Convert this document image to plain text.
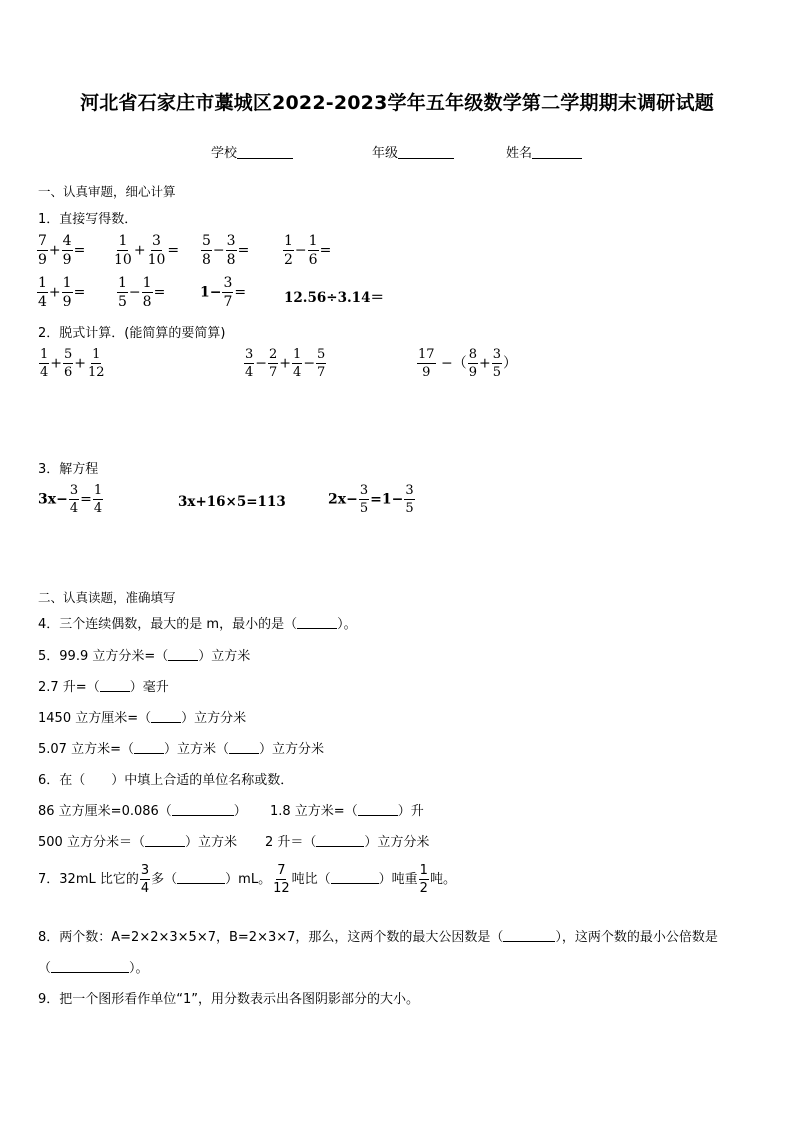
河北省石家庄市藁城区2022-2023学年五年级数学第二学期期末调研试题
学校	年级	姓名
一、认真审题，细心计算
1．直接写得数．
$\frac{7}{9} + \frac{4}{9} = \frac{1}{10} + \frac{3}{10} = \frac{5}{8} - \frac{3}{8} = \frac{1}{2} - \frac{1}{6}$ =
$\frac{1}{4} + \frac{1}{9} = \frac{1}{5} - \frac{1}{8} = 1- \frac{3}{7}$ =	12.56÷3.14＝
2．脱式计算．(能简算的要简算)
$\frac{1}{4} + \frac{5}{6} + \frac{1}{12}$	$\frac{3}{4} - \frac{2}{7} + \frac{1}{4} - \frac{5}{7}$	$\frac{17}{9}$ −（ $\frac{8}{9} + \frac{3}{5}$ ）
3．解方程
$3x- \frac{3}{4} = \frac{1}{4}$	3x+16×5=113	$2x- \frac{3}{5} =1- \frac{3}{5}$
二、认真读题，准确填写
4．三个连续偶数，最大的是 m，最小的是（	）。
5．99.9 立方分米=（ ）立方米
2.7 升=（ ）毫升
1450 立方厘米=（ ）立方分米
5.07 立方米=（ ）立方米（ ）立方分米
6．在（　　）中填上合适的单位名称或数．
86 立方厘米=0.086（	） 1.8 立方米=（	）升
500 立方分米＝（	）立方米 2 升＝（	）立方分米
7．32mL 比它的 $\frac{3}{4}$ 多（	）mL。 $\frac{7}{12}$ 吨比（	）吨重 $\frac{1}{2}$ 吨。
8．两个数：A=2×2×3×5×7，B=2×3×7，那么，这两个数的最大公因数是（	），这两个数的最小公倍数是
（	）。
9．把一个图形看作单位“1”，用分数表示出各图阴影部分的大小。
